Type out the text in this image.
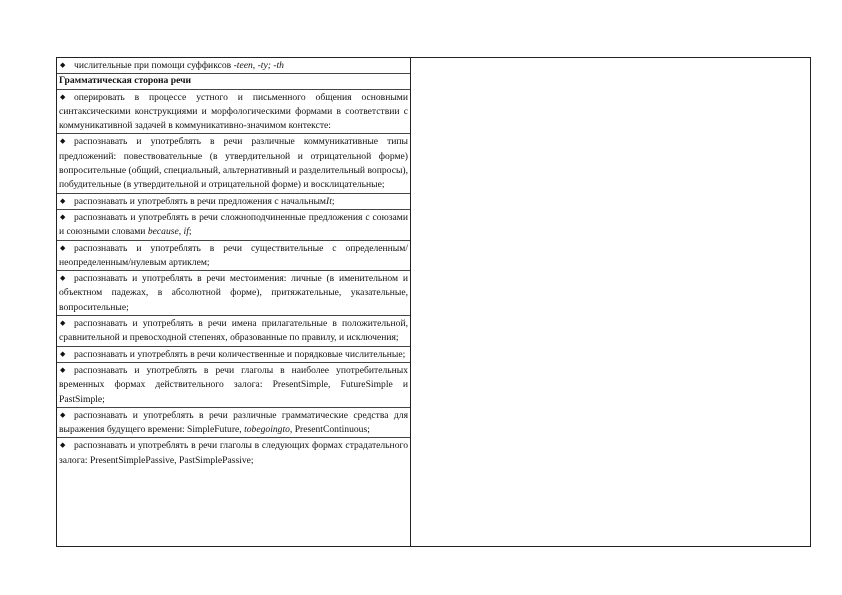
◆ числительные при помощи суффиксов -teen, -ty; -th
Грамматическая сторона речи
◆ оперировать в процессе устного и письменного общения основными синтаксическими конструкциями и морфологическими формами в соответствии с коммуникативной задачей в коммуникативно-значимом контексте:
◆ распознавать и употреблять в речи различные коммуникативные типы предложений: повествовательные (в утвердительной и отрицательной форме) вопросительные (общий, специальный, альтернативный и разделительный вопросы), побудительные (в утвердительной и отрицательной форме) и восклицательные;
◆ распознавать и употреблять в речи предложения с начальнымIt;
◆ распознавать и употреблять в речи сложноподчиненные предложения с союзами и союзными словами because, if;
◆ распознавать и употреблять в речи существительные с определенным/ неопределенным/нулевым артиклем;
◆ распознавать и употреблять в речи местоимения: личные (в именительном и объектном падежах, в абсолютной форме), притяжательные, указательные, вопросительные;
◆ распознавать и употреблять в речи имена прилагательные в положительной, сравнительной и превосходной степенях, образованные по правилу, и исключения;
◆ распознавать и употреблять в речи количественные и порядковые числительные;
◆ распознавать и употреблять в речи глаголы в наиболее употребительных временных формах действительного залога: PresentSimple, FutureSimple и PastSimple;
◆ распознавать и употреблять в речи различные грамматические средства для выражения будущего времени: SimpleFuture, tobegoingto, PresentContinuous;
◆ распознавать и употреблять в речи глаголы в следующих формах страдательного залога: PresentSimplePassive, PastSimplePassive;
